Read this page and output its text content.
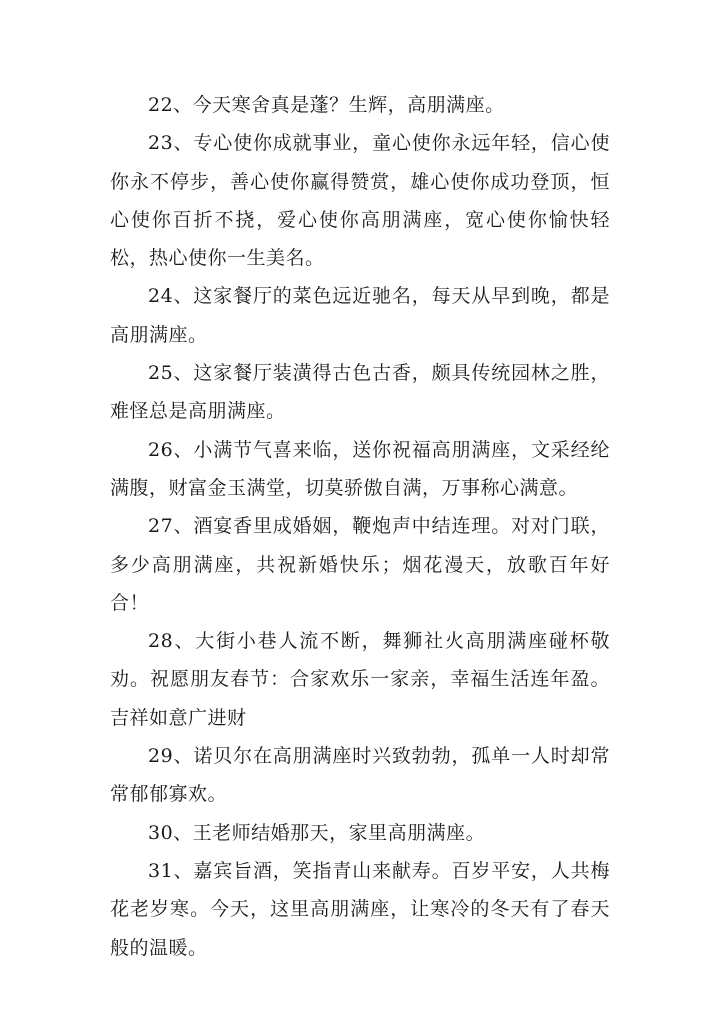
22、今天寒舍真是蓬？生辉，高朋满座。

23、专心使你成就事业，童心使你永远年轻，信心使你永不停步，善心使你赢得赞赏，雄心使你成功登顶，恒心使你百折不挠，爱心使你高朋满座，宽心使你愉快轻松，热心使你一生美名。

24、这家餐厅的菜色远近驰名，每天从早到晚，都是高朋满座。

25、这家餐厅装潢得古色古香，颇具传统园林之胜，难怪总是高朋满座。

26、小满节气喜来临，送你祝福高朋满座，文采经纶满腹，财富金玉满堂，切莫骄傲自满，万事称心满意。

27、酒宴香里成婚姻，鞭炮声中结连理。对对门联，多少高朋满座，共祝新婚快乐；烟花漫天，放歌百年好合！

28、大街小巷人流不断，舞狮社火高朋满座碰杯敬劝。祝愿朋友春节：合家欢乐一家亲，幸福生活连年盈。吉祥如意广进财

29、诺贝尔在高朋满座时兴致勃勃，孤单一人时却常常郁郁寡欢。

30、王老师结婚那天，家里高朋满座。

31、嘉宾旨酒，笑指青山来献寿。百岁平安，人共梅花老岁寒。今天，这里高朋满座，让寒冷的冬天有了春天般的温暖。
